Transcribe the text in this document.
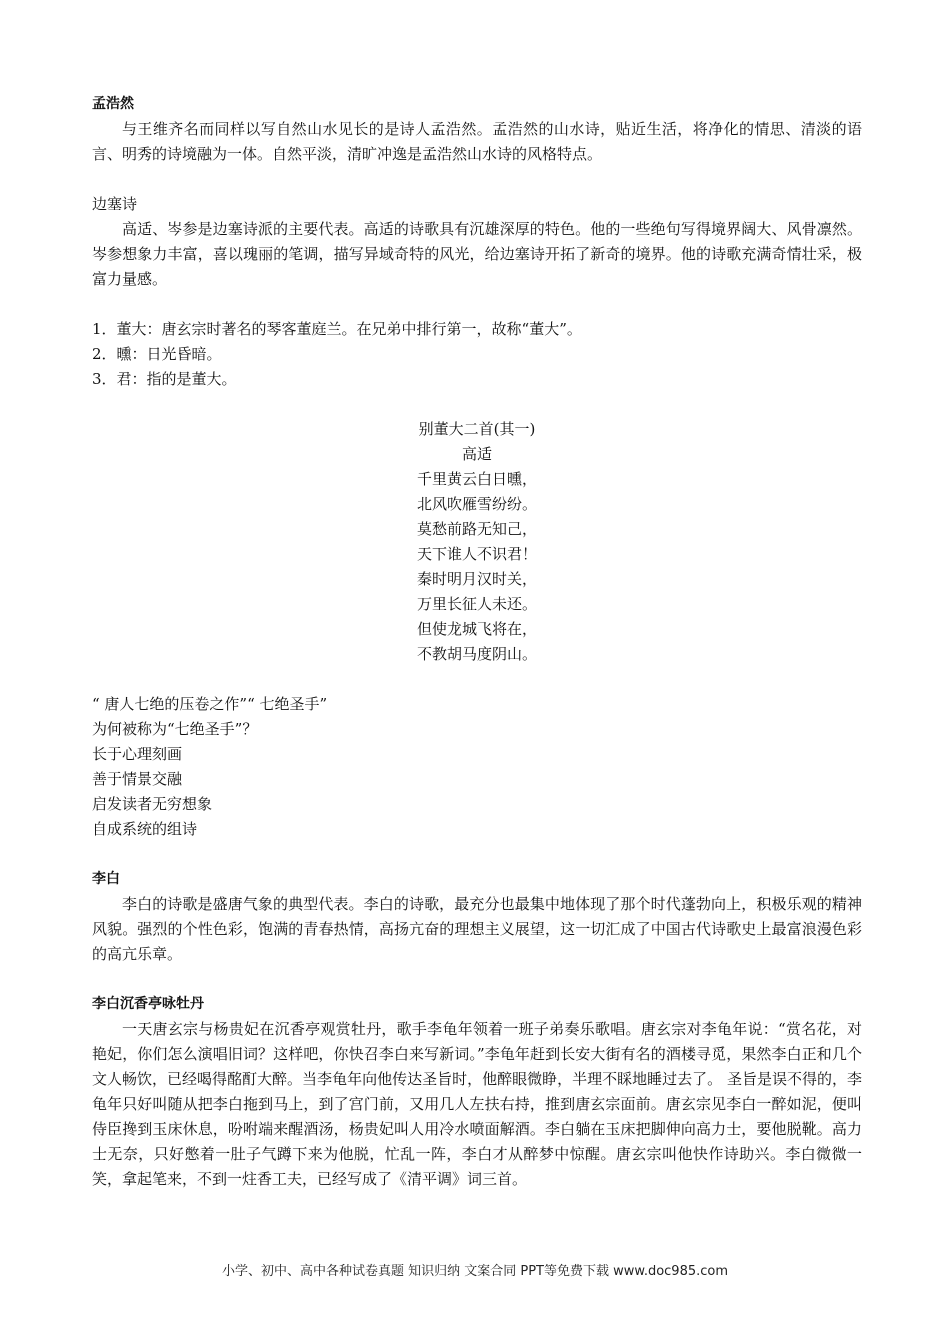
孟浩然

与王维齐名而同样以写自然山水见长的是诗人孟浩然。孟浩然的山水诗，贴近生活，将净化的情思、清淡的语言、明秀的诗境融为一体。自然平淡，清旷冲逸是孟浩然山水诗的风格特点。

边塞诗

高适、岑参是边塞诗派的主要代表。高适的诗歌具有沉雄深厚的特色。他的一些绝句写得境界阔大、风骨凛然。岑参想象力丰富，喜以瑰丽的笔调，描写异域奇特的风光，给边塞诗开拓了新奇的境界。他的诗歌充满奇情壮采，极富力量感。

1．董大：唐玄宗时著名的琴客董庭兰。在兄弟中排行第一，故称“董大”。
2．曛：日光昏暗。
3．君：指的是董大。
别董大二首(其一)
高适
千里黄云白日曛，
北风吹雁雪纷纷。
莫愁前路无知己，
天下谁人不识君！
秦时明月汉时关，
万里长征人未还。
但使龙城飞将在，
不教胡马度阴山。
“ 唐人七绝的压卷之作”“ 七绝圣手”
为何被称为“七绝圣手”？
长于心理刻画
善于情景交融
启发读者无穷想象
自成系统的组诗
李白

李白的诗歌是盛唐气象的典型代表。李白的诗歌，最充分也最集中地体现了那个时代蓬勃向上，积极乐观的精神风貌。强烈的个性色彩，饱满的青春热情，高扬亢奋的理想主义展望，这一切汇成了中国古代诗歌史上最富浪漫色彩的高亢乐章。

李白沉香亭咏牡丹

一天唐玄宗与杨贵妃在沉香亭观赏牡丹，歌手李龟年领着一班子弟奏乐歌唱。唐玄宗对李龟年说：“赏名花，对艳妃，你们怎么演唱旧词？这样吧，你快召李白来写新词。”李龟年赶到长安大街有名的酒楼寻觅，果然李白正和几个文人畅饮，已经喝得酩酊大醉。当李龟年向他传达圣旨时，他醉眼微睁，半理不睬地睡过去了。 圣旨是误不得的，李龟年只好叫随从把李白拖到马上，到了宫门前，又用几人左扶右持，推到唐玄宗面前。唐玄宗见李白一醉如泥，便叫侍臣搀到玉床休息，吩咐端来醒酒汤，杨贵妃叫人用冷水喷面解酒。李白躺在玉床把脚伸向高力士，要他脱靴。高力士无奈，只好憋着一肚子气蹲下来为他脱，忙乱一阵，李白才从醉梦中惊醒。唐玄宗叫他快作诗助兴。李白微微一笑，拿起笔来，不到一炷香工夫，已经写成了《清平调》词三首。

小学、初中、高中各种试卷真题 知识归纳 文案合同 PPT等免费下载 www.doc985.com
